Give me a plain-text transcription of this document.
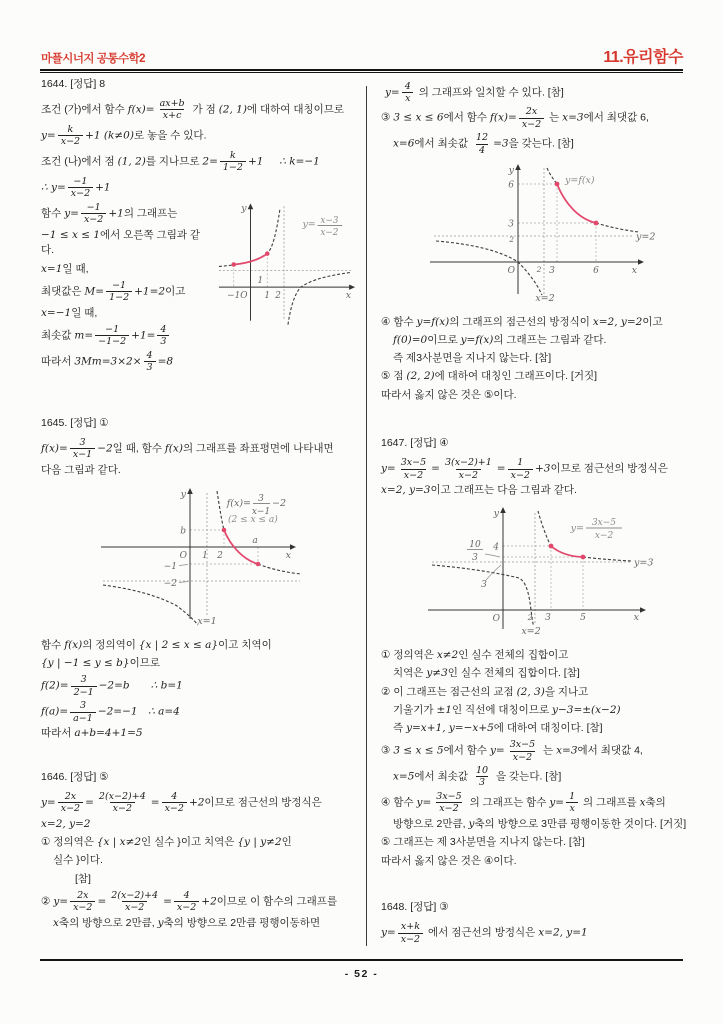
마플시너지 공통수학2	11.유리함수
1644. [정답] 8
조건 (가)에서 함수 $f(x)= \frac{ax+b}{x+c}$ 가 점 (2, 1)에 대하여 대칭이므로
$y= \frac{k}{x-2} +1$ (k≠0)로 놓을 수 있다.
조건 (나)에서 점 (1, 2)를 지나므로 $2= \frac{k}{1-2} +1$   ∴ k=−1
∴ $y= \frac{-1}{x-2} +1$
y
x
O
−1	1 2
1
y= x−3
x−2
함수 $y= \frac{-1}{x-2} +1$의 그래프는
−1 ≤ x ≤ 1에서 오른쪽 그림과 같다.
x=1일 때,
최댓값은 $M= \frac{-1}{1-2} +1=2$이고
x=−1일 때,
최솟값 $m= \frac{-1}{-1-2} +1= \frac{4}{3}$
따라서 $3Mm=3\times 2\times \frac{4}{3} =8$
1645. [정답] ①
$f(x)= \frac{3}{x-1} -2$일 때, 함수 f(x)의 그래프를 좌표평면에 나타내면
다음 그림과 같다.
y
x
O
b
1 2
a
−1
−2
x=1
f(x)= 3
x−1
−2
(2 ≤ x ≤ a)
함수 f(x)의 정의역이 {x | 2 ≤ x ≤ a}이고 치역이
{y | −1 ≤ y ≤ b}이므로
$f(2)= \frac{3}{2-1} -2=b$   ∴ b=1
$f(a)= \frac{3}{a-1} -2=-1$  ∴ a=4
따라서 a+b=4+1=5
1646. [정답] ⑤
$y= \frac{2x}{x-2} = \frac{2(x-2)+4}{x-2} = \frac{4}{x-2} +2$이므로 점근선의 방정식은
x=2, y=2
① 정의역은 {x | x≠2인 실수 }이고 치역은 {y | y≠2인
실수 }이다.
[참]
② $y= \frac{2x}{x-2} = \frac{2(x-2)+4}{x-2} = \frac{4}{x-2} +2$이므로 이 함수의 그래프를
x축의 방향으로 2만큼, y축의 방향으로 2만큼 평행이동하면
$y= \frac{4}{x}$ 의 그래프와 일치할 수 있다. [참]
③ 3 ≤ x ≤ 6에서 함수 $f(x)= \frac{2x}{x-2}$ 는 x=3에서 최댓값 6,
x=6에서 최솟값 $\frac{12}{4} =3$을 갖는다. [참]
y
x
O
6
3
2
2 3	6
y=f(x)
y=2
x=2
④ 함수 y=f(x)의 그래프의 점근선의 방정식이 x=2, y=2이고
f(0)=0이므로 y=f(x)의 그래프는 그림과 같다.
즉 제3사분면을 지나지 않는다. [참]
⑤ 점 (2, 2)에 대하여 대칭인 그래프이다. [거짓]
따라서 옳지 않은 것은 ⑤이다.
1647. [정답] ④
$y= \frac{3x-5}{x-2} = \frac{3(x-2)+1}{x-2} = \frac{1}{x-2} +3$이므로 점근선의 방정식은
x=2, y=3이고 그래프는 다음 그림과 같다.
y
x
O
4
10
3
3
2 3	5
y= 3x−5
x−2
y=3
x=2
① 정의역은 x≠2인 실수 전체의 집합이고
치역은 y≠3인 실수 전체의 집합이다. [참]
② 이 그래프는 점근선의 교점 (2, 3)을 지나고
기울기가 ±1인 직선에 대칭이므로 y−3=±(x−2)
즉 y=x+1, y=−x+5에 대하여 대칭이다. [참]
③ 3 ≤ x ≤ 5에서 함수 $y= \frac{3x-5}{x-2}$ 는 x=3에서 최댓값 4,
x=5에서 최솟값 $\frac{10}{3}$ 을 갖는다. [참]
④ 함수 $y= \frac{3x-5}{x-2}$ 의 그래프는 함수 $y= \frac{1}{x}$ 의 그래프를 x축의
방향으로 2만큼, y축의 방향으로 3만큼 평행이동한 것이다. [거짓]
⑤ 그래프는 제 3사분면을 지나지 않는다. [참]
따라서 옳지 않은 것은 ④이다.
1648. [정답] ③
$y= \frac{x+k}{x-2}$ 에서 점근선의 방정식은 x=2, y=1
- 52 -
